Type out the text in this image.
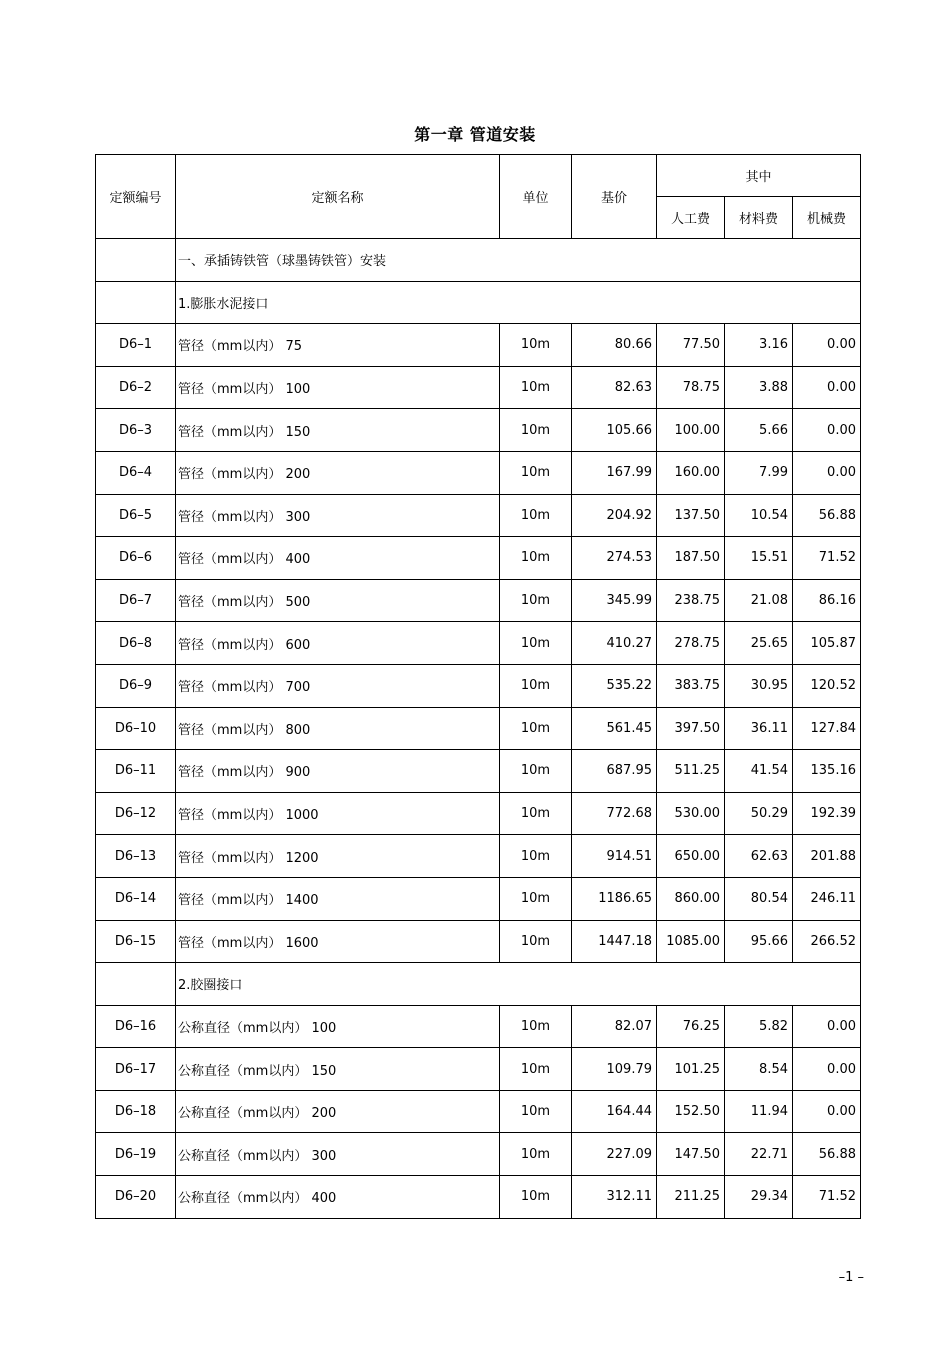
第一章 管道安装
定额编号	定额名称	单位	基价	其中		
				人工费	材料费	机械费
	一、承插铸铁管（球墨铸铁管）安装					
	1.膨胀水泥接口					
D6–1	管径（mm以内） 75	10m	80.66	77.50	3.16	0.00
D6–2	管径（mm以内） 100	10m	82.63	78.75	3.88	0.00
D6–3	管径（mm以内） 150	10m	105.66	100.00	5.66	0.00
D6–4	管径（mm以内） 200	10m	167.99	160.00	7.99	0.00
D6–5	管径（mm以内） 300	10m	204.92	137.50	10.54	56.88
D6–6	管径（mm以内） 400	10m	274.53	187.50	15.51	71.52
D6–7	管径（mm以内） 500	10m	345.99	238.75	21.08	86.16
D6–8	管径（mm以内） 600	10m	410.27	278.75	25.65	105.87
D6–9	管径（mm以内） 700	10m	535.22	383.75	30.95	120.52
D6–10	管径（mm以内） 800	10m	561.45	397.50	36.11	127.84
D6–11	管径（mm以内） 900	10m	687.95	511.25	41.54	135.16
D6–12	管径（mm以内） 1000	10m	772.68	530.00	50.29	192.39
D6–13	管径（mm以内） 1200	10m	914.51	650.00	62.63	201.88
D6–14	管径（mm以内） 1400	10m	1186.65	860.00	80.54	246.11
D6–15	管径（mm以内） 1600	10m	1447.18	1085.00	95.66	266.52
	2.胶圈接口					
D6–16	公称直径（mm以内） 100	10m	82.07	76.25	5.82	0.00
D6–17	公称直径（mm以内） 150	10m	109.79	101.25	8.54	0.00
D6–18	公称直径（mm以内） 200	10m	164.44	152.50	11.94	0.00
D6–19	公称直径（mm以内） 300	10m	227.09	147.50	22.71	56.88
D6–20	公称直径（mm以内） 400	10m	312.11	211.25	29.34	71.52
–1 –
